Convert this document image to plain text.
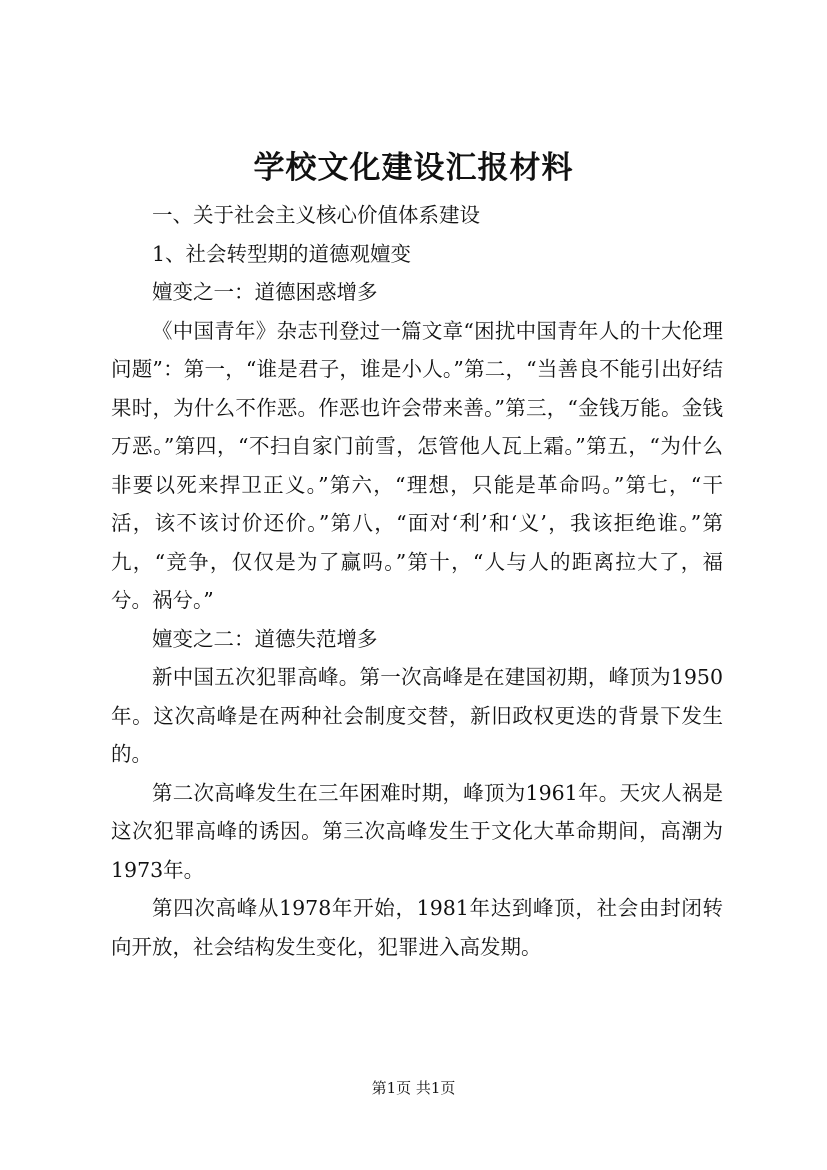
学校文化建设汇报材料

一、关于社会主义核心价值体系建设

1、社会转型期的道德观嬗变

嬗变之一：道德困惑增多

《中国青年》杂志刊登过一篇文章“困扰中国青年人的十大伦理问题”：第一，“谁是君子，谁是小人。”第二，“当善良不能引出好结果时，为什么不作恶。作恶也许会带来善。”第三，“金钱万能。金钱万恶。”第四，“不扫自家门前雪，怎管他人瓦上霜。”第五，“为什么非要以死来捍卫正义。”第六，“理想，只能是革命吗。”第七，“干活，该不该讨价还价。”第八，“面对‘利’和‘义’，我该拒绝谁。”第九，“竞争，仅仅是为了赢吗。”第十，“人与人的距离拉大了，福兮。祸兮。”

嬗变之二：道德失范增多

新中国五次犯罪高峰。第一次高峰是在建国初期，峰顶为1950年。这次高峰是在两种社会制度交替，新旧政权更迭的背景下发生的。

第二次高峰发生在三年困难时期，峰顶为1961年。天灾人祸是这次犯罪高峰的诱因。第三次高峰发生于文化大革命期间，高潮为1973年。

第四次高峰从1978年开始，1981年达到峰顶，社会由封闭转向开放，社会结构发生变化，犯罪进入高发期。

第1页 共1页
